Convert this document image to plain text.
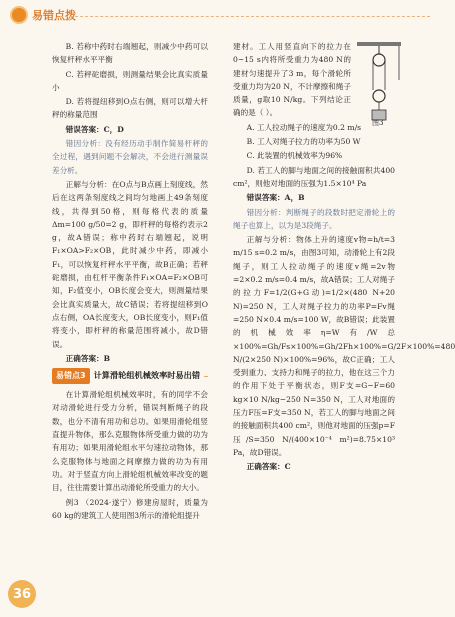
易错点拨

B. 若称中药时右端翘起，则减少中药可以恢复杆秤水平平衡

C. 若秤砣磨损，则测量结果会比真实质量小

D. 若将提纽移到O点右侧，则可以增大杆秤的称量范围

错误答案：C，D

错因分析：没有经历动手制作简易杆秤的全过程，遇到问题不会解决，不会进行测量误差分析。

正解与分析：在O点与B点画上刻度线，然后在这两条刻度线之间均匀地画上49条刻度线，共得到50格，则每格代表的质量Δm=100 g/50=2 g，即杆秤的每格约表示2 g，故A错误；称中药时右端翘起，说明F₁×OA>F₂×OB，此时减少中药，即减小F₁，可以恢复杆秤水平平衡，故B正确；若秤砣磨损，由杠杆平衡条件F₁×OA=F₂×OB可知，F₂值变小，OB长度会变大，则测量结果会比真实质量大，故C错误；若将提纽移到O点右侧，OA长度变大，OB长度变小，则F₁值将变小，即杆秤的称量范围将减小，故D错误。

正确答案：B

易错点3 计算滑轮组机械效率时易出错

在计算滑轮组机械效率时，有的同学不会对动滑轮进行受力分析，错误判断绳子的段数，也分不清有用功和总功。如果用滑轮组竖直提升物体，那么克服物体所受重力做的功为有用功；如果用滑轮组水平匀速拉动物体，那么克服物体与地面之间摩擦力做的功为有用功。对于竖直方向上滑轮组机械效率改变的题目，往往需要计算出动滑轮所受重力的大小。

例3 （2024·遂宁）修建房屋时，质量为60 kg的建筑工人使用图3所示的滑轮组提升

图3

建材。工人用竖直向下的拉力在0~15 s内将所受重力为480 N的建材匀速提升了3 m，每个滑轮所受重力均为20 N，不计摩擦和绳子质量，g取10 N/kg。下列结论正确的是（ ）。

A. 工人拉动绳子的速度为0.2 m/s

B. 工人对绳子拉力的功率为50 W

C. 此装置的机械效率为96%

D. 若工人的脚与地面之间的接触面积共400 cm²，则他对地面的压强为1.5×10⁴ Pa

错误答案：A，B

错因分析：判断绳子的段数时把定滑轮上的绳子也算上，以为是3段绳子。

正解与分析：物体上升的速度v物=h/t=3 m/15 s=0.2 m/s，由图3可知，动滑轮上有2段绳子，则工人拉动绳子的速度v绳=2v物=2×0.2 m/s=0.4 m/s，故A错误；工人对绳子的拉力F=1/2(G+G动)=1/2×(480 N+20 N)=250 N，工人对绳子拉力的功率P=Fv绳=250 N×0.4 m/s=100 W，故B错误；此装置的机械效率η=W有/W总×100%=Gh/Fs×100%=Gh/2Fh×100%=G/2F×100%=480 N/(2×250 N)×100%=96%，故C正确；工人受到重力、支持力和绳子的拉力，他在这三个力的作用下处于平衡状态，则F支=G−F=60 kg×10 N/kg−250 N=350 N，工人对地面的压力F压=F支=350 N，若工人的脚与地面之间的接触面积共400 cm²，则他对地面的压强p=F压/S=350 N/(400×10⁻⁴ m²)=8.75×10³ Pa，故D错误。

正确答案：C

36
